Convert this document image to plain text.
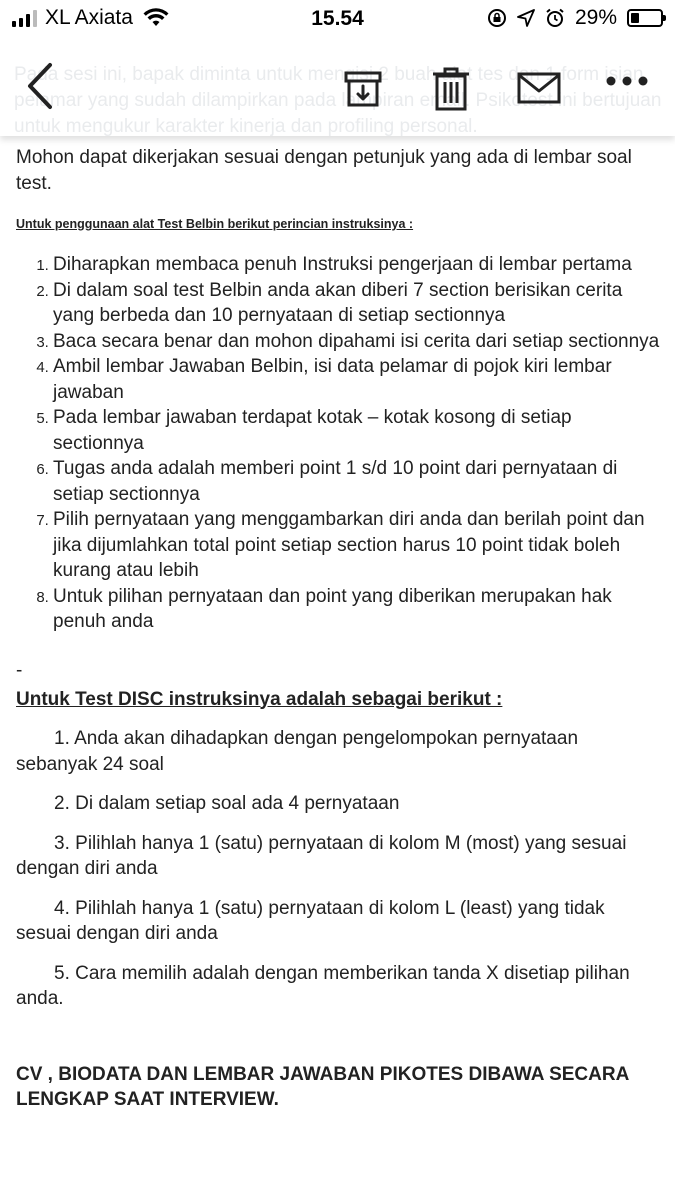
XL Axiata	15.54	29%

Mohon dapat dikerjakan sesuai dengan petunjuk yang ada di lembar soal test.

Untuk penggunaan alat Test Belbin berikut perincian instruksinya :
1. Diharapkan membaca penuh Instruksi pengerjaan di lembar pertama
2. Di dalam soal test Belbin anda akan diberi 7 section berisikan cerita yang berbeda dan 10 pernyataan di setiap sectionnya
3. Baca secara benar dan mohon dipahami isi cerita dari setiap sectionnya
4. Ambil lembar Jawaban Belbin, isi data pelamar di pojok kiri lembar jawaban
5. Pada lembar jawaban terdapat kotak – kotak kosong di setiap sectionnya
6. Tugas anda adalah memberi point 1 s/d 10 point dari pernyataan di setiap sectionnya
7. Pilih pernyataan yang menggambarkan diri anda dan berilah point dan jika dijumlahkan total point setiap section harus 10 point tidak boleh kurang atau lebih
8. Untuk pilihan pernyataan dan point yang diberikan merupakan hak penuh anda
-
Untuk Test DISC instruksinya adalah sebagai berikut :
1. Anda akan dihadapkan dengan pengelompokan pernyataan sebanyak 24 soal
2. Di dalam setiap soal ada 4 pernyataan
3. Pilihlah hanya 1 (satu) pernyataan di kolom M (most) yang sesuai dengan diri anda
4. Pilihlah hanya 1 (satu) pernyataan di kolom L (least) yang tidak sesuai dengan diri anda
5. Cara memilih adalah dengan memberikan tanda X disetiap pilihan anda.
CV , BIODATA DAN LEMBAR JAWABAN PIKOTES DIBAWA SECARA LENGKAP SAAT INTERVIEW.
